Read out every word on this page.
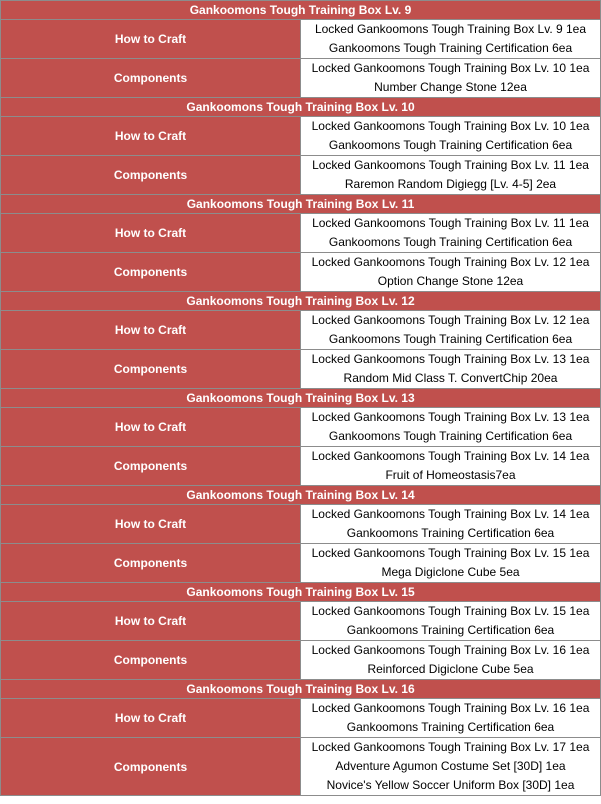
Gankoomons Tough Training Box Lv. 9	
How to Craft	Locked Gankoomons Tough Training Box Lv. 9 1ea
Gankoomons Tough Training Certification 6ea

Components	Locked Gankoomons Tough Training Box Lv. 10 1ea
Number Change Stone 12ea

Gankoomons Tough Training Box Lv. 10	
How to Craft	Locked Gankoomons Tough Training Box Lv. 10 1ea
Gankoomons Tough Training Certification 6ea

Components	Locked Gankoomons Tough Training Box Lv. 11 1ea
Raremon Random Digiegg [Lv. 4-5] 2ea

Gankoomons Tough Training Box Lv. 11	
How to Craft	Locked Gankoomons Tough Training Box Lv. 11 1ea
Gankoomons Tough Training Certification 6ea

Components	Locked Gankoomons Tough Training Box Lv. 12 1ea
Option Change Stone 12ea

Gankoomons Tough Training Box Lv. 12	
How to Craft	Locked Gankoomons Tough Training Box Lv. 12 1ea
Gankoomons Tough Training Certification 6ea

Components	Locked Gankoomons Tough Training Box Lv. 13 1ea
Random Mid Class T. ConvertChip 20ea

Gankoomons Tough Training Box Lv. 13	
How to Craft	Locked Gankoomons Tough Training Box Lv. 13 1ea
Gankoomons Tough Training Certification 6ea

Components	Locked Gankoomons Tough Training Box Lv. 14 1ea
Fruit of Homeostasis7ea

Gankoomons Tough Training Box Lv. 14	
How to Craft	Locked Gankoomons Tough Training Box Lv. 14 1ea
Gankoomons Training Certification 6ea

Components	Locked Gankoomons Tough Training Box Lv. 15 1ea
Mega Digiclone Cube 5ea

Gankoomons Tough Training Box Lv. 15	
How to Craft	Locked Gankoomons Tough Training Box Lv. 15 1ea
Gankoomons Training Certification 6ea

Components	Locked Gankoomons Tough Training Box Lv. 16 1ea
Reinforced Digiclone Cube 5ea

Gankoomons Tough Training Box Lv. 16	
How to Craft	Locked Gankoomons Tough Training Box Lv. 16 1ea
Gankoomons Training Certification 6ea

Components	Locked Gankoomons Tough Training Box Lv. 17 1ea
Adventure Agumon Costume Set [30D] 1ea
Novice's Yellow Soccer Uniform Box [30D] 1ea
